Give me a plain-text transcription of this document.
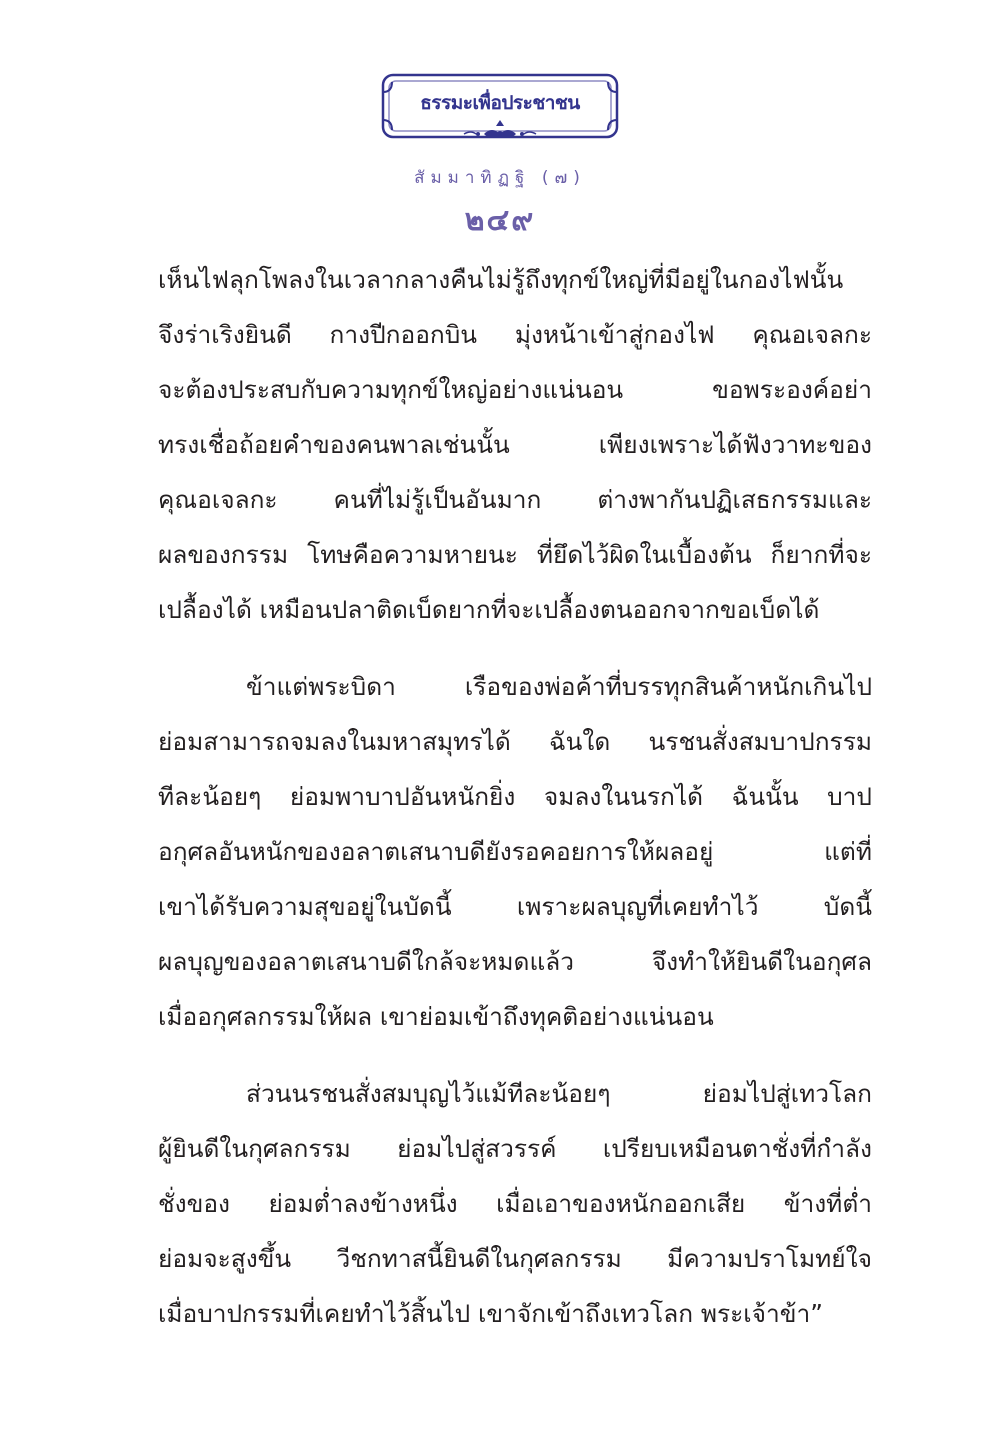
ธรรมะเพื่อประชาชน
สัมมาทิฏฐิ (๗)
๒๔๙

เห็นไฟลุกโพลงในเวลากลางคืนไม่รู้ถึงทุกข์ใหญ่ที่มีอยู่ในกองไฟนั้น
จึงร่าเริงยินดี กางปีกออกบิน มุ่งหน้าเข้าสู่กองไฟ คุณอเจลกะ
จะต้องประสบกับความทุกข์ใหญ่อย่างแน่นอน ขอพระองค์อย่า
ทรงเชื่อถ้อยคำของคนพาลเช่นนั้น เพียงเพราะได้ฟังวาทะของ
คุณอเจลกะ คนที่ไม่รู้เป็นอันมาก ต่างพากันปฏิเสธกรรมและ
ผลของกรรม โทษคือความหายนะ ที่ยึดไว้ผิดในเบื้องต้น ก็ยากที่จะ
เปลื้องได้ เหมือนปลาติดเบ็ดยากที่จะเปลื้องตนออกจากขอเบ็ดได้

ข้าแต่พระบิดา เรือของพ่อค้าที่บรรทุกสินค้าหนักเกินไป
ย่อมสามารถจมลงในมหาสมุทรได้ ฉันใด นรชนสั่งสมบาปกรรม
ทีละน้อยๆ ย่อมพาบาปอันหนักยิ่ง จมลงในนรกได้ ฉันนั้น บาป
อกุศลอันหนักของอลาตเสนาบดียังรอคอยการให้ผลอยู่ แต่ที่
เขาได้รับความสุขอยู่ในบัดนี้ เพราะผลบุญที่เคยทำไว้ บัดนี้
ผลบุญของอลาตเสนาบดีใกล้จะหมดแล้ว จึงทำให้ยินดีในอกุศล
เมื่ออกุศลกรรมให้ผล เขาย่อมเข้าถึงทุคติอย่างแน่นอน

ส่วนนรชนสั่งสมบุญไว้แม้ทีละน้อยๆ ย่อมไปสู่เทวโลก
ผู้ยินดีในกุศลกรรม ย่อมไปสู่สวรรค์ เปรียบเหมือนตาชั่งที่กำลัง
ชั่งของ ย่อมต่ำลงข้างหนึ่ง เมื่อเอาของหนักออกเสีย ข้างที่ต่ำ
ย่อมจะสูงขึ้น วีชกทาสนี้ยินดีในกุศลกรรม มีความปราโมทย์ใจ
เมื่อบาปกรรมที่เคยทำไว้สิ้นไป เขาจักเข้าถึงเทวโลก พระเจ้าข้า”
